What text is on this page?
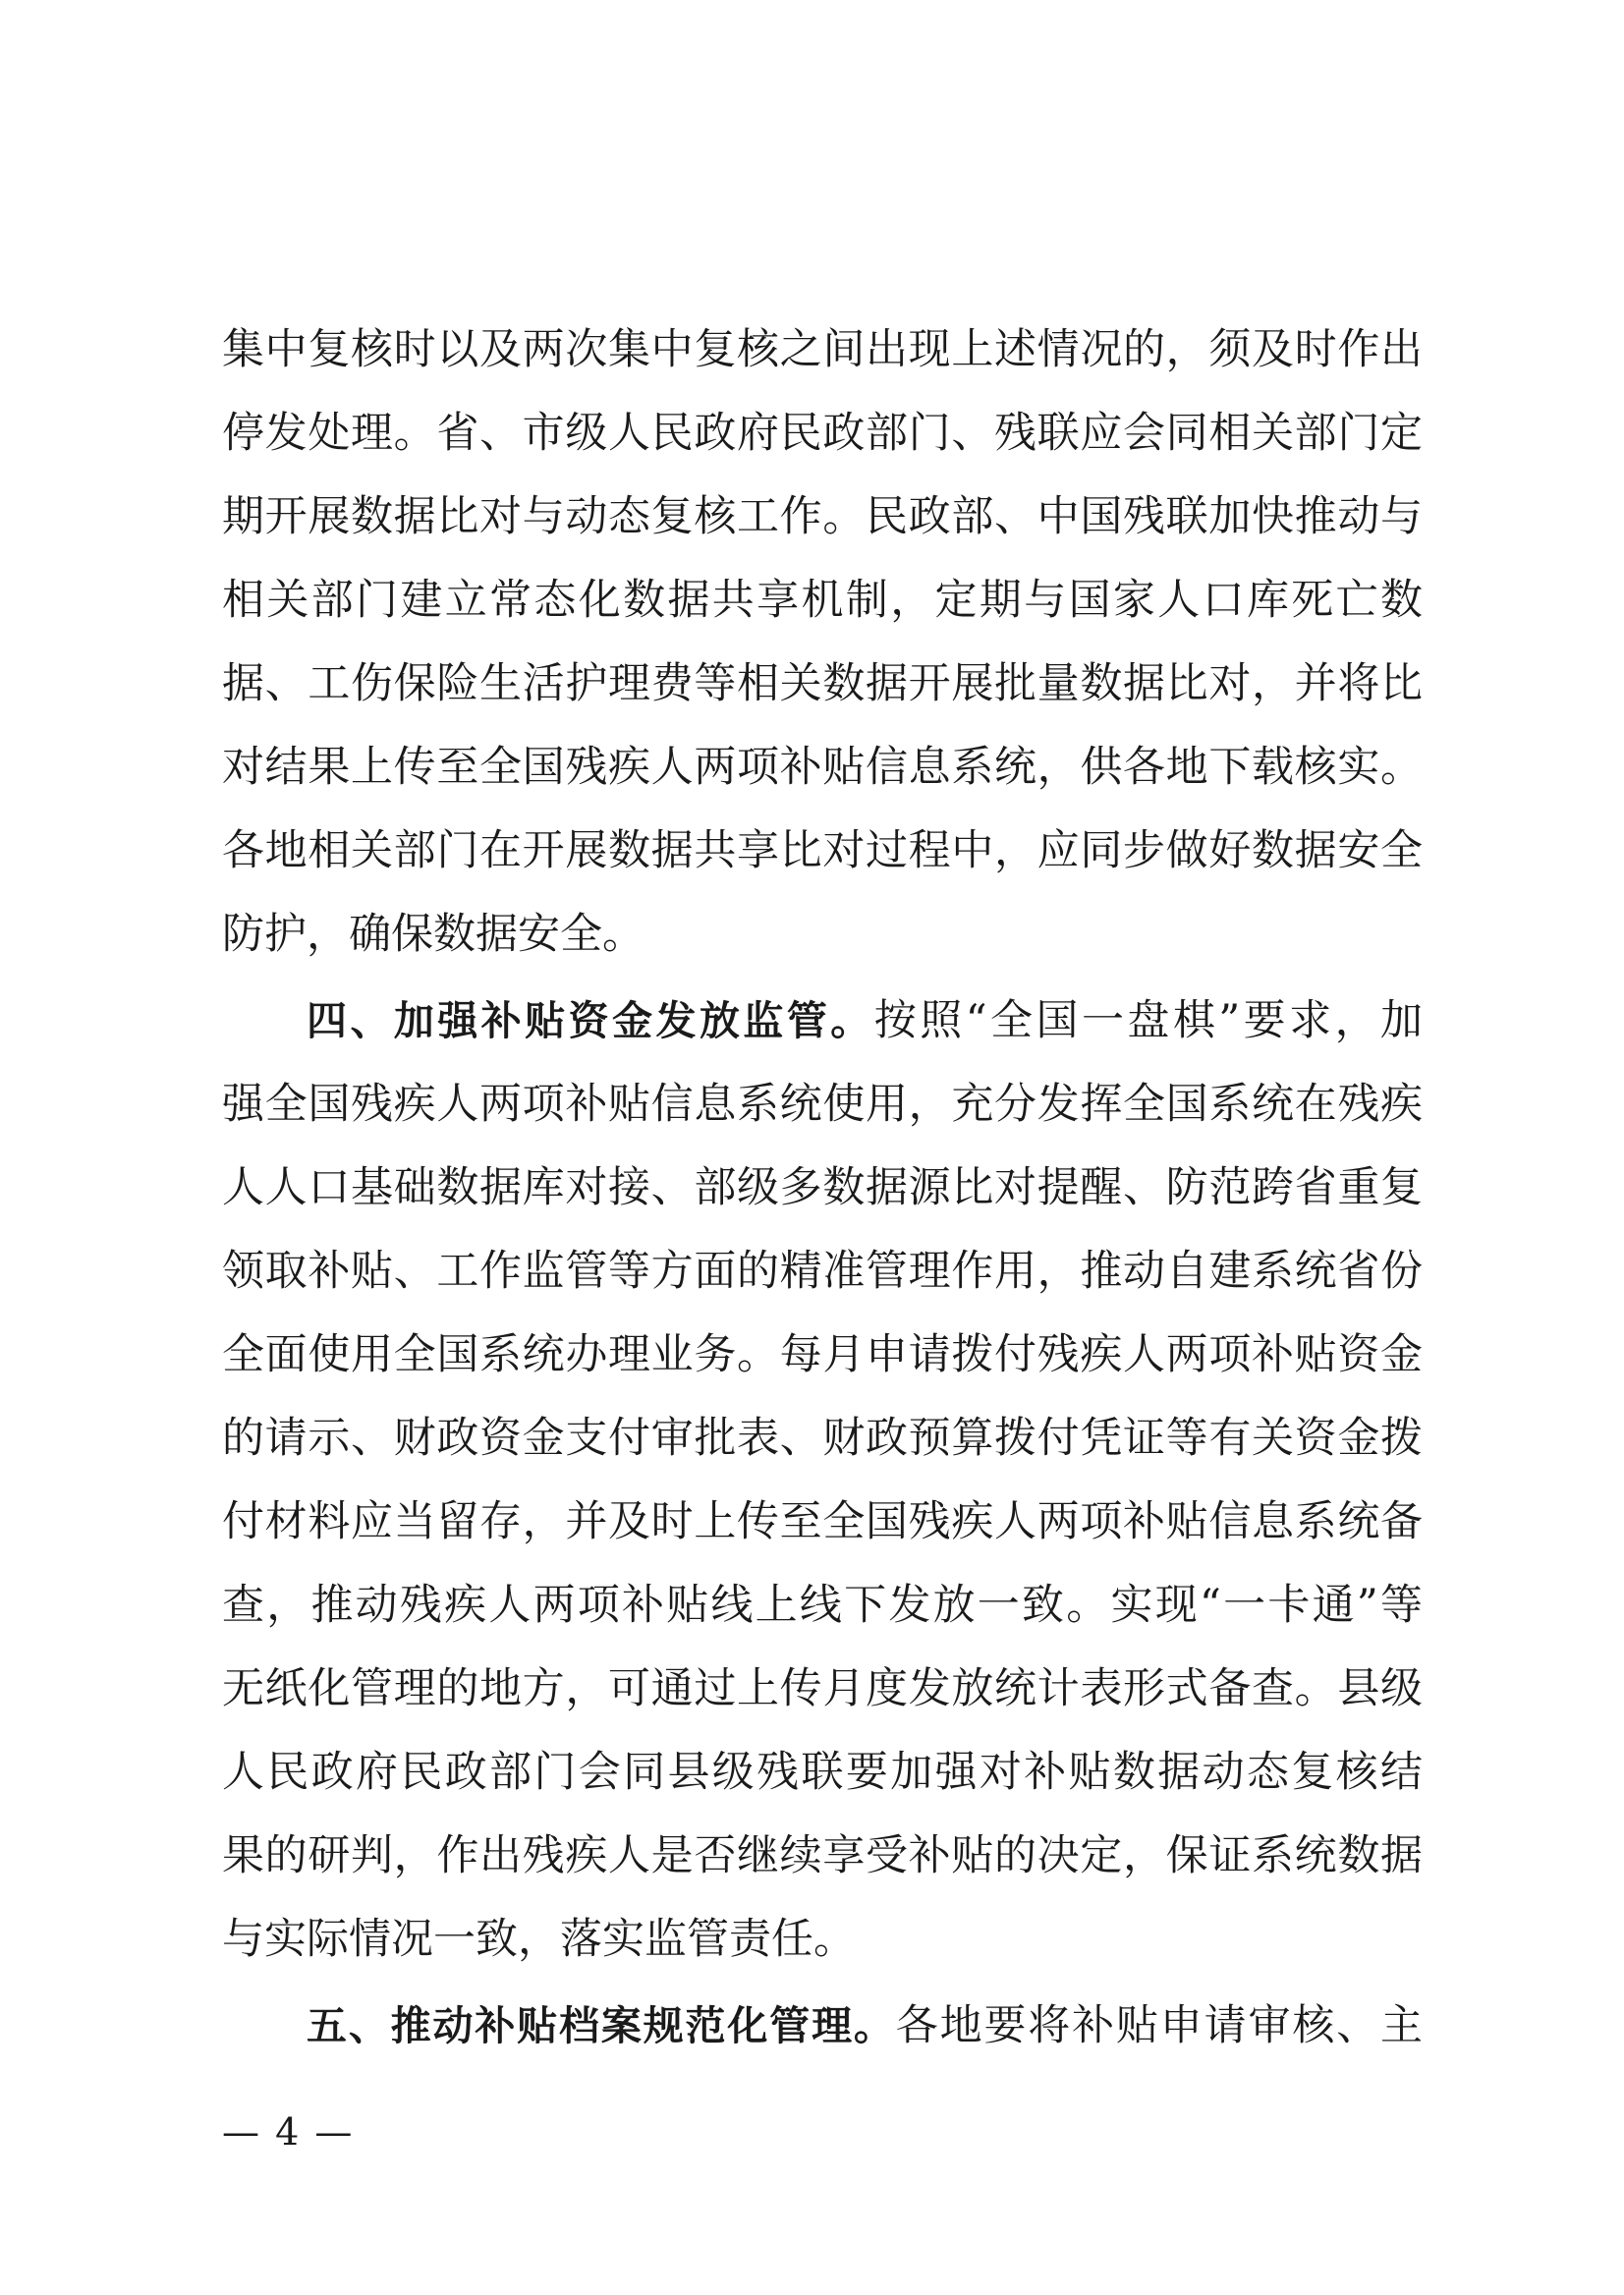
集中复核时以及两次集中复核之间出现上述情况的，须及时作出
停发处理。省、市级人民政府民政部门、残联应会同相关部门定
期开展数据比对与动态复核工作。民政部、中国残联加快推动与
相关部门建立常态化数据共享机制，定期与国家人口库死亡数
据、工伤保险生活护理费等相关数据开展批量数据比对，并将比
对结果上传至全国残疾人两项补贴信息系统，供各地下载核实。
各地相关部门在开展数据共享比对过程中，应同步做好数据安全
防护，确保数据安全。
四、加强补贴资金发放监管。按照“全国一盘棋”要求，加
强全国残疾人两项补贴信息系统使用，充分发挥全国系统在残疾
人人口基础数据库对接、部级多数据源比对提醒、防范跨省重复
领取补贴、工作监管等方面的精准管理作用，推动自建系统省份
全面使用全国系统办理业务。每月申请拨付残疾人两项补贴资金
的请示、财政资金支付审批表、财政预算拨付凭证等有关资金拨
付材料应当留存，并及时上传至全国残疾人两项补贴信息系统备
查，推动残疾人两项补贴线上线下发放一致。实现“一卡通”等
无纸化管理的地方，可通过上传月度发放统计表形式备查。县级
人民政府民政部门会同县级残联要加强对补贴数据动态复核结
果的研判，作出残疾人是否继续享受补贴的决定，保证系统数据
与实际情况一致，落实监管责任。
五、推动补贴档案规范化管理。各地要将补贴申请审核、主
— 4 —
